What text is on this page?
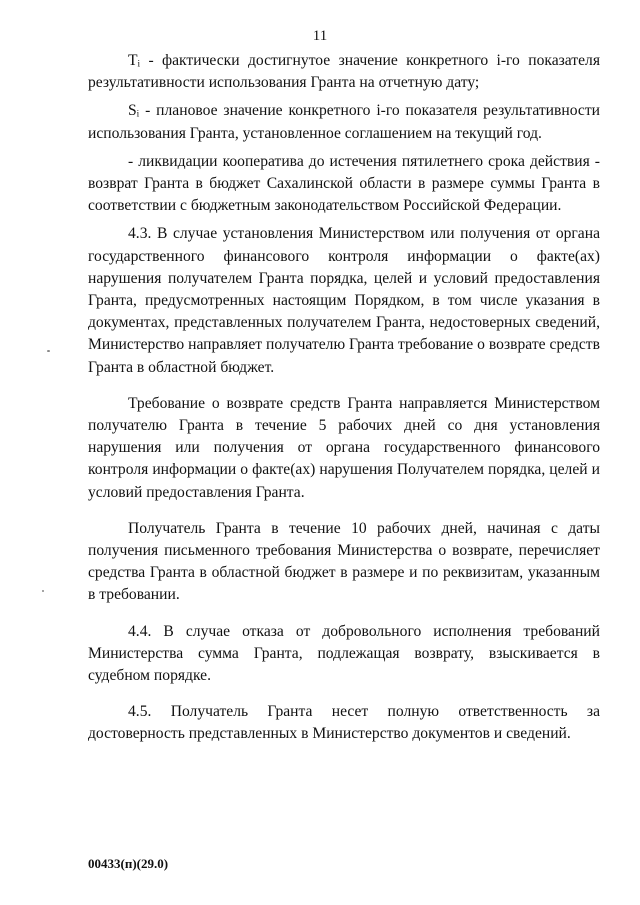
11

Tᵢ - фактически достигнутое значение конкретного i-го показателя результативности использования Гранта на отчетную дату;

Sᵢ - плановое значение конкретного i-го показателя результативности использования Гранта, установленное соглашением на текущий год.

- ликвидации кооператива до истечения пятилетнего срока действия - возврат Гранта в бюджет Сахалинской области в размере суммы Гранта в соответствии с бюджетным законодательством Российской Федерации.

4.3. В случае установления Министерством или получения от органа государственного финансового контроля информации о факте(ах) нарушения получателем Гранта порядка, целей и условий предоставления Гранта, предусмотренных настоящим Порядком, в том числе указания в документах, представленных получателем Гранта, недостоверных сведений, Министерство направляет получателю Гранта требование о возврате средств Гранта в областной бюджет.

Требование о возврате средств Гранта направляется Министерством получателю Гранта в течение 5 рабочих дней со дня установления нарушения или получения от органа государственного финансового контроля информации о факте(ах) нарушения Получателем порядка, целей и условий предоставления Гранта.

Получатель Гранта в течение 10 рабочих дней, начиная с даты получения письменного требования Министерства о возврате, перечисляет средства Гранта в областной бюджет в размере и по реквизитам, указанным в требовании.

4.4. В случае отказа от добровольного исполнения требований Министерства сумма Гранта, подлежащая возврату, взыскивается в судебном порядке.

4.5. Получатель Гранта несет полную ответственность за достоверность представленных в Министерство документов и сведений.

00433(п)(29.0)
